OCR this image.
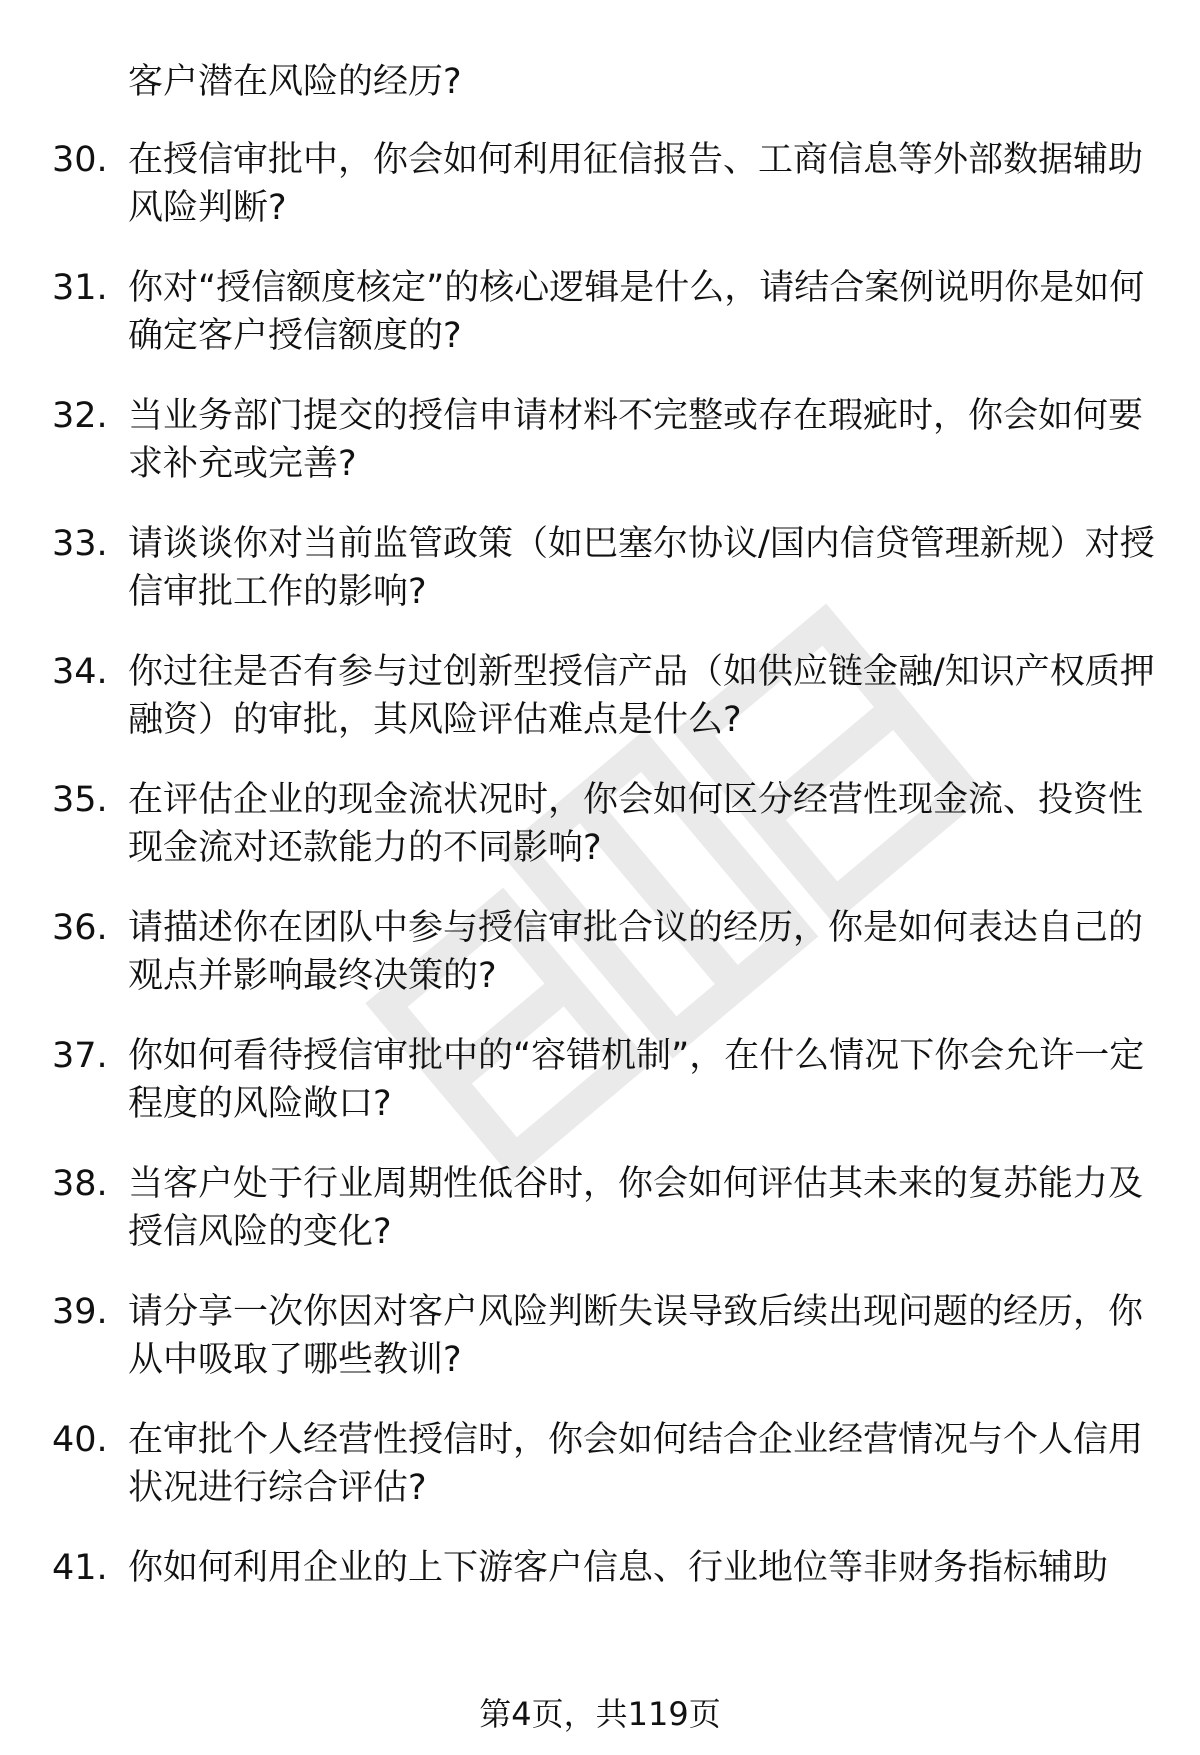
客户潜在风险的经历?
30. 在授信审批中，你会如何利用征信报告、工商信息等外部数据辅助风险判断?
31. 你对“授信额度核定”的核心逻辑是什么，请结合案例说明你是如何确定客户授信额度的?
32. 当业务部门提交的授信申请材料不完整或存在瑕疵时，你会如何要求补充或完善?
33. 请谈谈你对当前监管政策（如巴塞尔协议/国内信贷管理新规）对授信审批工作的影响?
34. 你过往是否有参与过创新型授信产品（如供应链金融/知识产权质押融资）的审批，其风险评估难点是什么?
35. 在评估企业的现金流状况时，你会如何区分经营性现金流、投资性现金流对还款能力的不同影响?
36. 请描述你在团队中参与授信审批合议的经历，你是如何表达自己的观点并影响最终决策的?
37. 你如何看待授信审批中的“容错机制”，在什么情况下你会允许一定程度的风险敞口?
38. 当客户处于行业周期性低谷时，你会如何评估其未来的复苏能力及授信风险的变化?
39. 请分享一次你因对客户风险判断失误导致后续出现问题的经历，你从中吸取了哪些教训?
40. 在审批个人经营性授信时，你会如何结合企业经营情况与个人信用状况进行综合评估?
41. 你如何利用企业的上下游客户信息、行业地位等非财务指标辅助
第4页，共119页
